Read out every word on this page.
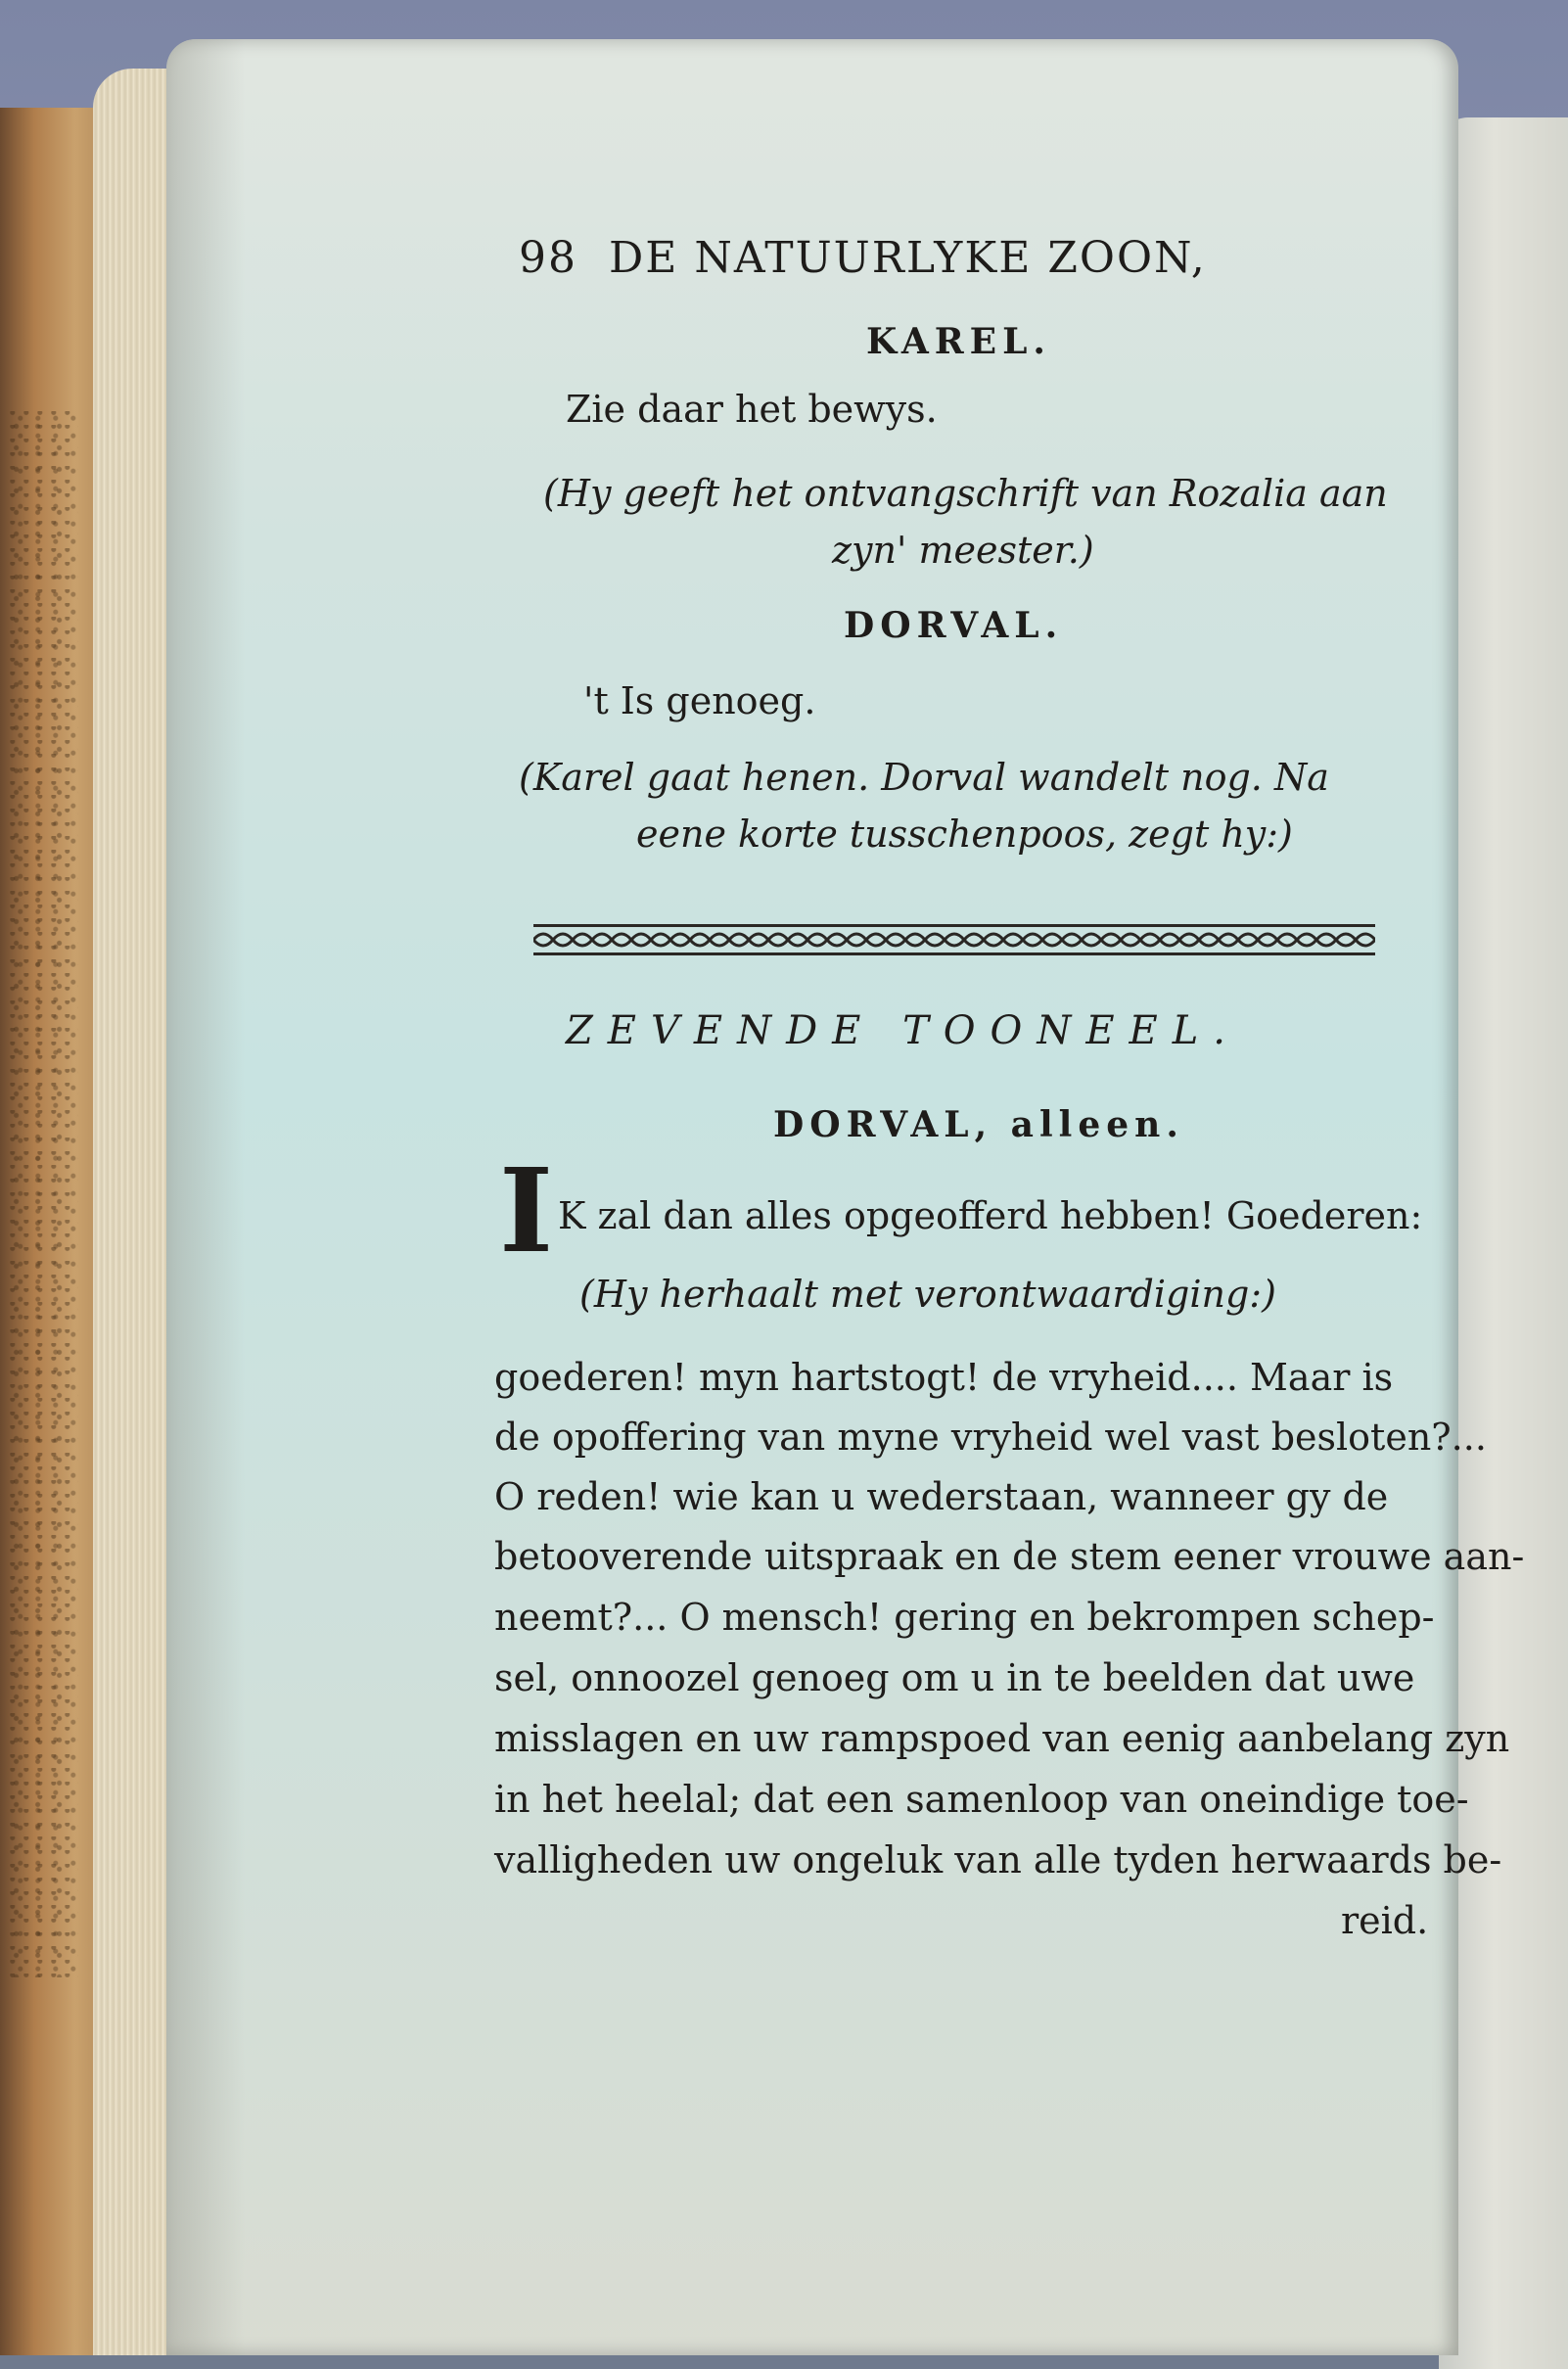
98 DE NATUURLYKE ZOON,
KAREL.
Zie daar het bewys.
(Hy geeft het ontvangschrift van Rozalia aan
zyn' meester.)
DORVAL.
't Is genoeg.
(Karel gaat henen. Dorval wandelt nog. Na
eene korte tusschenpoos, zegt hy:)
ZEVENDE TOONEEL.
DORVAL, alleen.
I K zal dan alles opgeofferd hebben! Goederen:
(Hy herhaalt met verontwaardiging:)
goederen! myn hartstogt! de vryheid.... Maar is
de opoffering van myne vryheid wel vast besloten?...
O reden! wie kan u wederstaan, wanneer gy de
betooverende uitspraak en de stem eener vrouwe aan-
neemt?... O mensch! gering en bekrompen schep-
sel, onnoozel genoeg om u in te beelden dat uwe
misslagen en uw rampspoed van eenig aanbelang zyn
in het heelal; dat een samenloop van oneindige toe-
valligheden uw ongeluk van alle tyden herwaards be-
reid.
